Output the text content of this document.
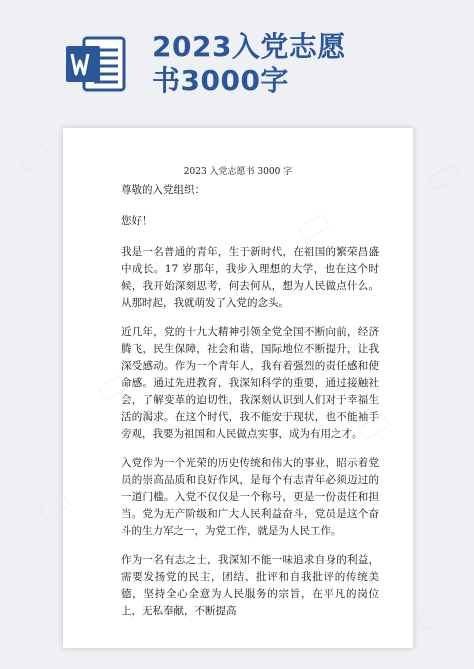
2023入党志愿
书3000字
2023 入党志愿书 3000 字

尊敬的入党组织：

您好！

我是一名普通的青年，生于新时代，在祖国的繁荣昌盛中成长。17 岁那年，我步入理想的大学，也在这个时候，我开始深刻思考，何去何从，想为人民做点什么。从那时起，我就萌发了入党的念头。

近几年，党的十九大精神引领全党全国不断向前，经济腾飞，民生保障，社会和谐，国际地位不断提升，让我深受感动。作为一个青年人，我有着强烈的责任感和使命感。通过先进教育，我深知科学的重要，通过接触社会，了解变革的迫切性，我深刻认识到人们对于幸福生活的渴求。在这个时代，我不能安于现状，也不能袖手旁观，我要为祖国和人民做点实事，成为有用之才。

入党作为一个光荣的历史传统和伟大的事业，昭示着党员的崇高品质和良好作风，是每个有志青年必须迈过的一道门槛。入党不仅仅是一个称号，更是一份责任和担当。党为无产阶级和广大人民利益奋斗，党员是这个奋斗的生力军之一，为党工作，就是为人民工作。

作为一名有志之士，我深知不能一味追求自身的利益，需要发扬党的民主，团结、批评和自我批评的传统美德，坚持全心全意为人民服务的宗旨，在平凡的岗位上，无私奉献，不断提高
